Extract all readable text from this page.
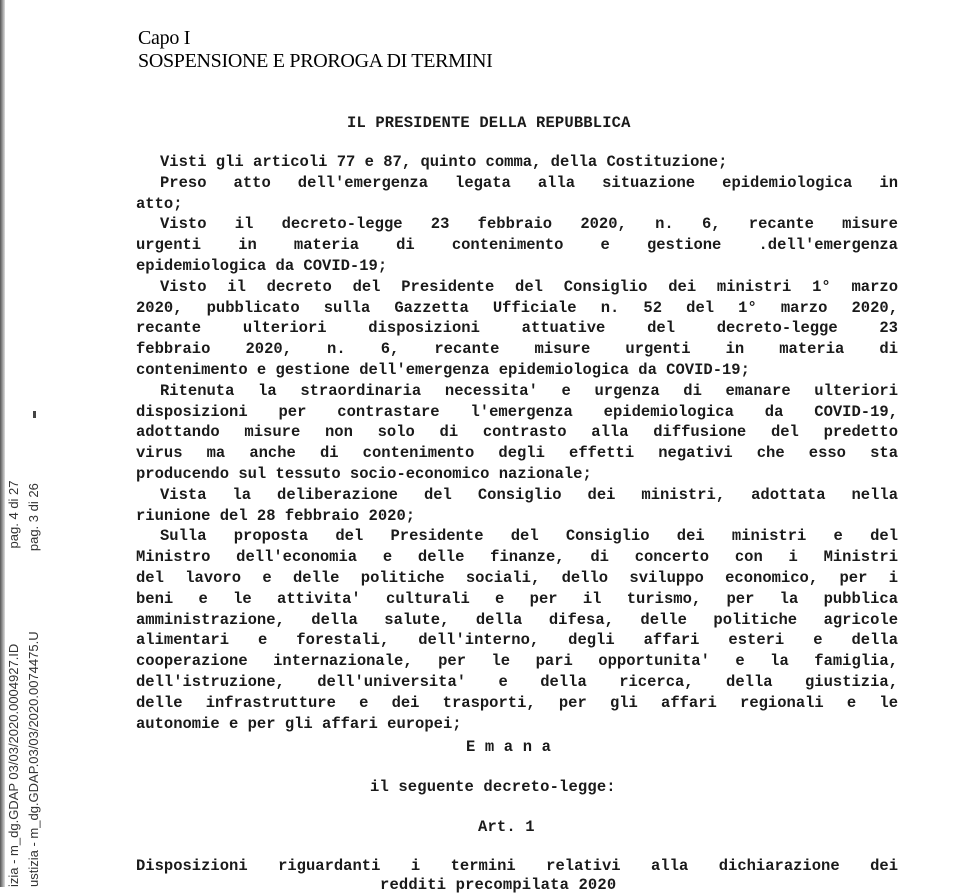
Capo I
SOSPENSIONE E PROROGA DI TERMINI
IL PRESIDENTE DELLA REPUBBLICA
Visti gli articoli 77 e 87, quinto comma, della Costituzione;
Preso atto dell'emergenza legata alla situazione epidemiologica in
atto;
Visto il decreto-legge 23 febbraio 2020, n. 6, recante misure
urgenti in materia di contenimento e gestione .dell'emergenza
epidemiologica da COVID-19;
Visto il decreto del Presidente del Consiglio dei ministri 1° marzo
2020, pubblicato sulla Gazzetta Ufficiale n. 52 del 1° marzo 2020,
recante ulteriori disposizioni attuative del decreto-legge 23
febbraio 2020, n. 6, recante misure urgenti in materia di
contenimento e gestione dell'emergenza epidemiologica da COVID-19;
Ritenuta la straordinaria necessita' e urgenza di emanare ulteriori
disposizioni per contrastare l'emergenza epidemiologica da COVID-19,
adottando misure non solo di contrasto alla diffusione del predetto
virus ma anche di contenimento degli effetti negativi che esso sta
producendo sul tessuto socio-economico nazionale;
Vista la deliberazione del Consiglio dei ministri, adottata nella
riunione del 28 febbraio 2020;
Sulla proposta del Presidente del Consiglio dei ministri e del
Ministro dell'economia e delle finanze, di concerto con i Ministri
del lavoro e delle politiche sociali, dello sviluppo economico, per i
beni e le attivita' culturali e per il turismo, per la pubblica
amministrazione, della salute, della difesa, delle politiche agricole
alimentari e forestali, dell'interno, degli affari esteri e della
cooperazione internazionale, per le pari opportunita' e la famiglia,
dell'istruzione, dell'universita' e della ricerca, della giustizia,
delle infrastrutture e dei trasporti, per gli affari regionali e le
autonomie e per gli affari europei;
E m a n a
il seguente decreto-legge:
Art. 1
Disposizioni riguardanti i termini relativi alla dichiarazione dei
redditi precompilata 2020
izia - m_dg.GDAP 03/03/2020.0004927.ID  pag. 4 di 27
ustizia - m_dg.GDAP.03/03/2020.0074475.U  pag. 3 di 26
